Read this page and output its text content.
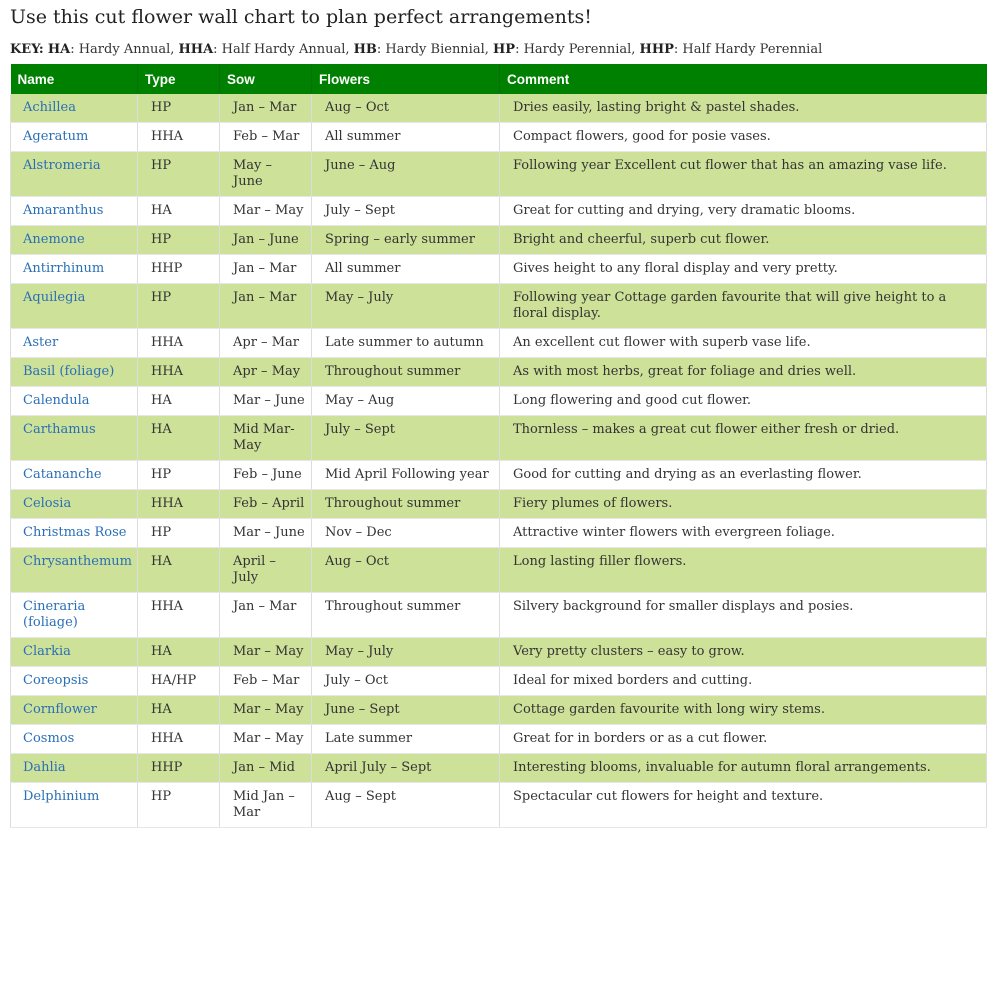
Use this cut flower wall chart to plan perfect arrangements!
KEY: HA: Hardy Annual, HHA: Half Hardy Annual, HB: Hardy Biennial, HP: Hardy Perennial, HHP: Half Hardy Perennial
Name	Type	Sow	Flowers	Comment
Achillea	HP	Jan – Mar	Aug – Oct	Dries easily, lasting bright & pastel shades.
Ageratum	HHA	Feb – Mar	All summer	Compact flowers, good for posie vases.
Alstromeria	HP	May – June	June – Aug	Following year Excellent cut flower that has an amazing vase life.
Amaranthus	HA	Mar – May	July – Sept	Great for cutting and drying, very dramatic blooms.
Anemone	HP	Jan – June	Spring – early summer	Bright and cheerful, superb cut flower.
Antirrhinum	HHP	Jan – Mar	All summer	Gives height to any floral display and very pretty.
Aquilegia	HP	Jan – Mar	May – July	Following year Cottage garden favourite that will give height to a floral display.
Aster	HHA	Apr – Mar	Late summer to autumn	An excellent cut flower with superb vase life.
Basil (foliage)	HHA	Apr – May	Throughout summer	As with most herbs, great for foliage and dries well.
Calendula	HA	Mar – June	May – Aug	Long flowering and good cut flower.
Carthamus	HA	Mid Mar-May	July – Sept	Thornless – makes a great cut flower either fresh or dried.
Catananche	HP	Feb – June	Mid April Following year	Good for cutting and drying as an everlasting flower.
Celosia	HHA	Feb – April	Throughout summer	Fiery plumes of flowers.
Christmas Rose	HP	Mar – June	Nov – Dec	Attractive winter flowers with evergreen foliage.
Chrysanthemum	HA	April – July	Aug – Oct	Long lasting filler flowers.
Cineraria (foliage)	HHA	Jan – Mar	Throughout summer	Silvery background for smaller displays and posies.
Clarkia	HA	Mar – May	May – July	Very pretty clusters – easy to grow.
Coreopsis	HA/HP	Feb – Mar	July – Oct	Ideal for mixed borders and cutting.
Cornflower	HA	Mar – May	June – Sept	Cottage garden favourite with long wiry stems.
Cosmos	HHA	Mar – May	Late summer	Great for in borders or as a cut flower.
Dahlia	HHP	Jan – Mid	April July – Sept	Interesting blooms, invaluable for autumn floral arrangements.
Delphinium	HP	Mid Jan – Mar	Aug – Sept	Spectacular cut flowers for height and texture.
